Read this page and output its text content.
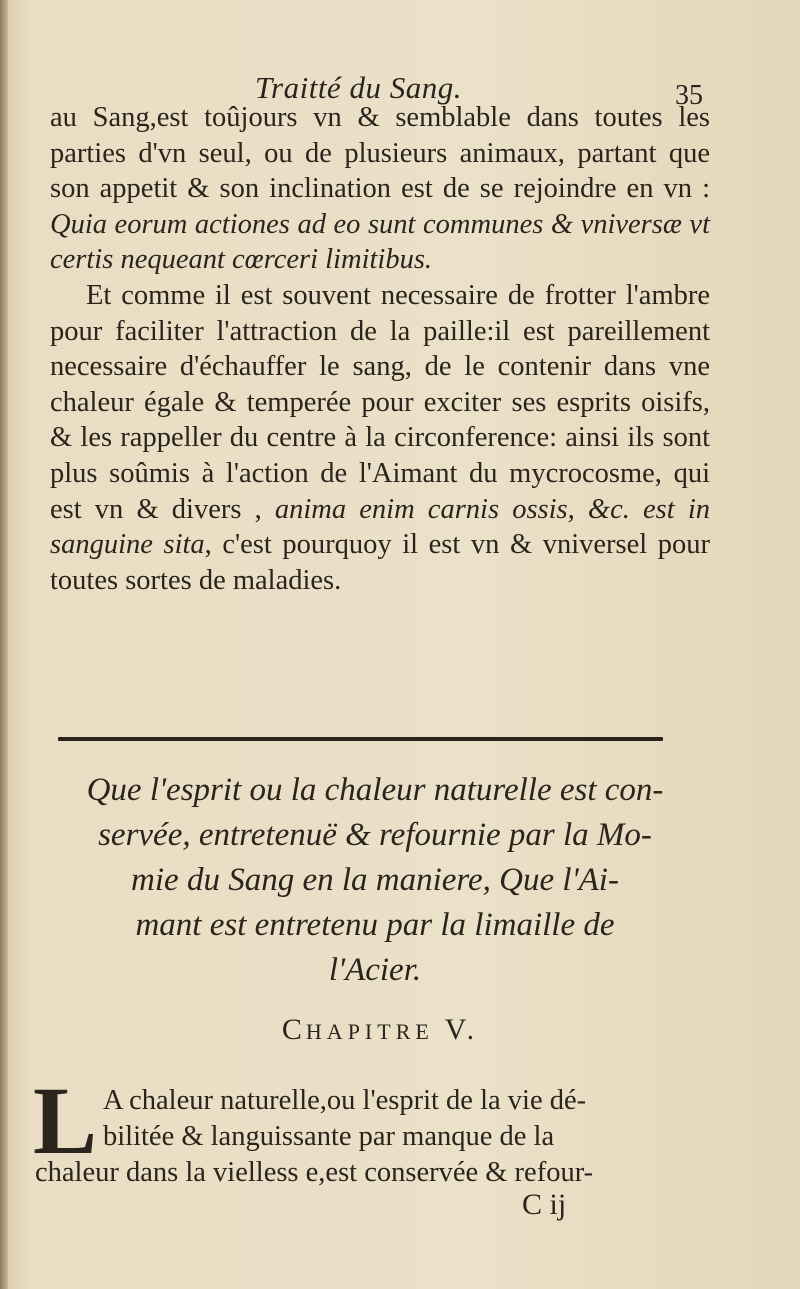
Traitté du Sang.	35

au Sang,est toûjours vn & semblable dans toutes les parties d'vn seul, ou de plusieurs animaux, partant que son appetit & son inclination est de se rejoindre en vn : Quia eorum actiones ad eo sunt communes & vniversæ vt certis nequeant cœrceri limitibus.

Et comme il est souvent necessaire de frotter l'ambre pour faciliter l'attraction de la paille:il est pareillement necessaire d'échauffer le sang, de le contenir dans vne chaleur égale & temperée pour exciter ses esprits oisifs, & les rappeller du centre à la circonference: ainsi ils sont plus soûmis à l'action de l'Aimant du mycrocosme, qui est vn & divers , anima enim carnis ossis, &c. est in sanguine sita, c'est pourquoy il est vn & vniversel pour toutes sortes de maladies.

Que l'esprit ou la chaleur naturelle est con-
servée, entretenuë & refournie par la Mo-
mie du Sang en la maniere, Que l'Ai-
mant est entretenu par la limaille de
l'Acier.
CHAPITRE V.
L A chaleur naturelle,ou l'esprit de la vie dé-
bilitée & languissante par manque de la
chaleur dans la vielless e,est conservée & refour-
C ij
